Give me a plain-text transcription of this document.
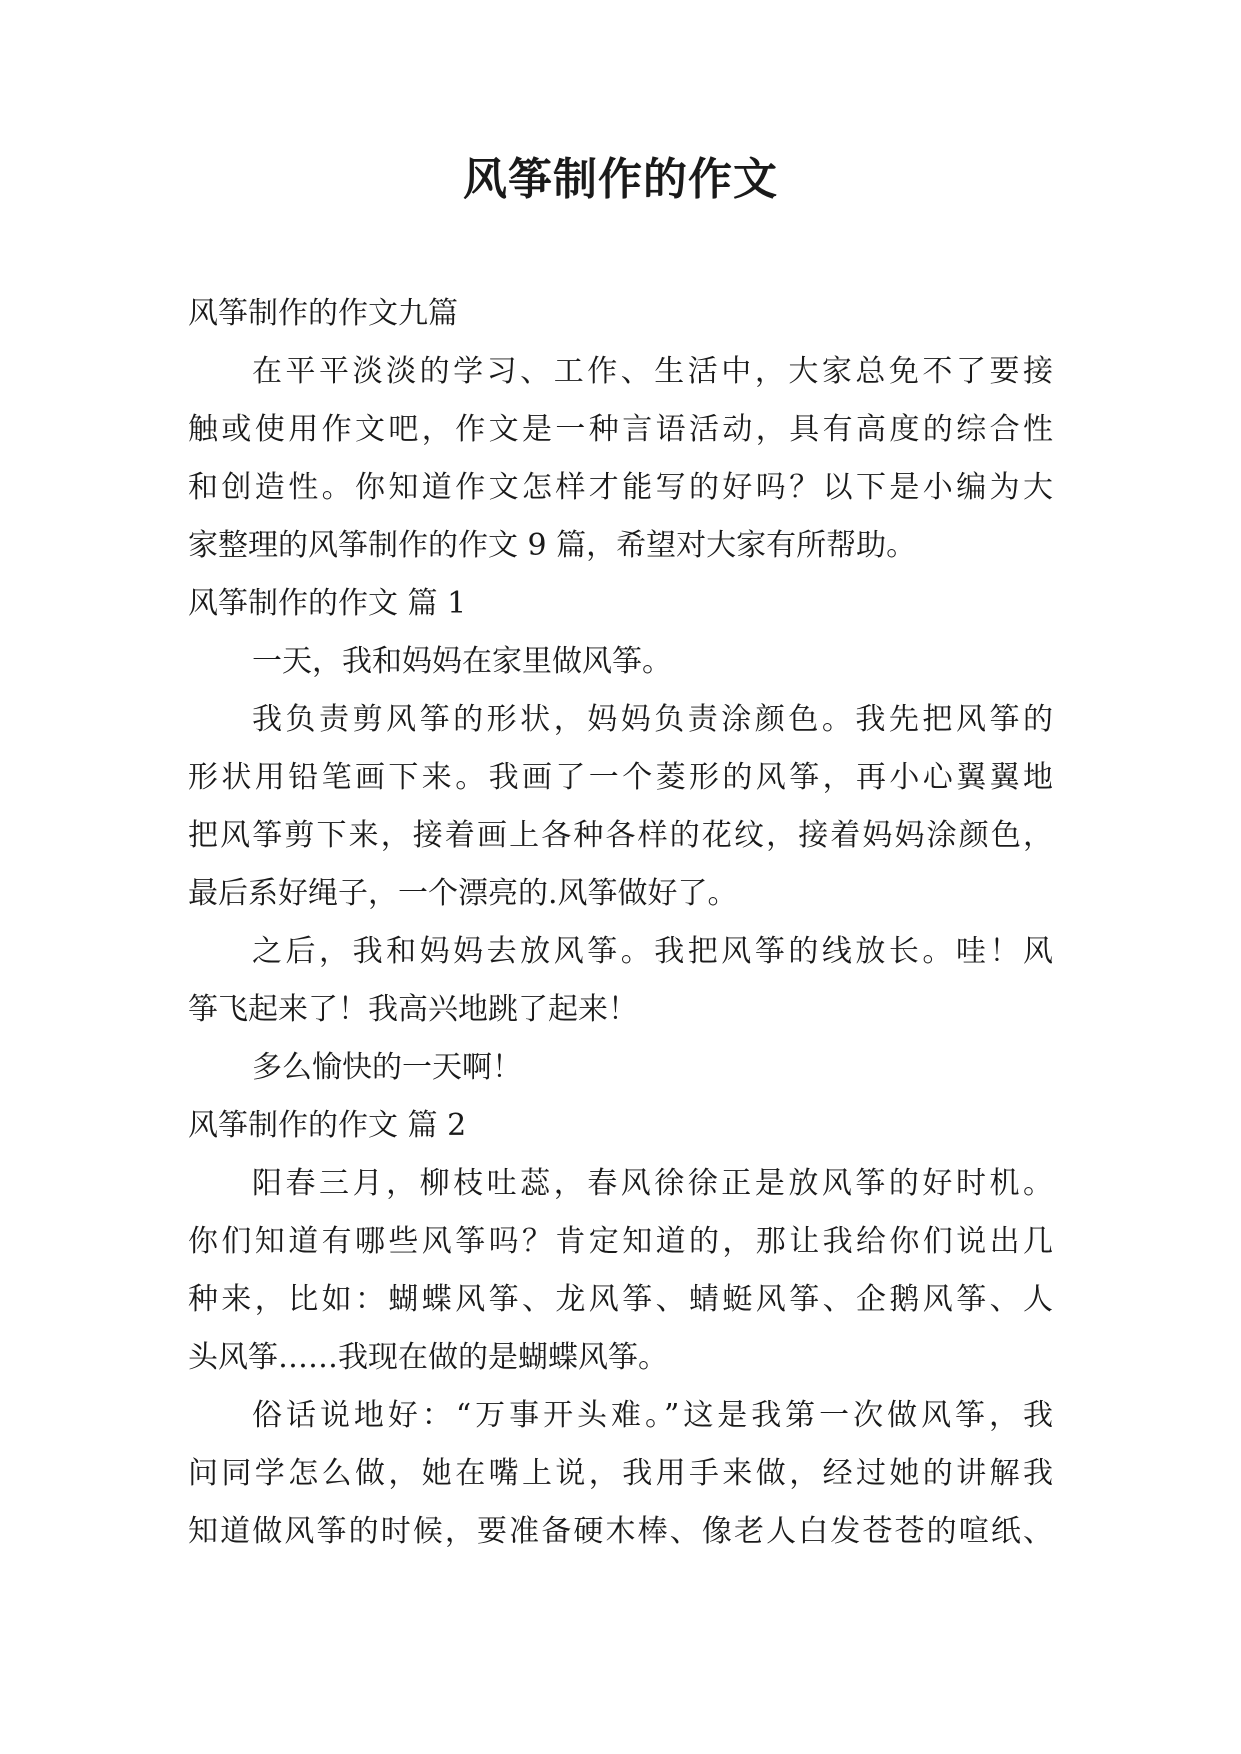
风筝制作的作文

风筝制作的作文九篇

在平平淡淡的学习、工作、生活中，大家总免不了要接

触或使用作文吧，作文是一种言语活动，具有高度的综合性

和创造性。你知道作文怎样才能写的好吗？以下是小编为大

家整理的风筝制作的作文 9 篇，希望对大家有所帮助。

风筝制作的作文 篇 1

一天，我和妈妈在家里做风筝。

我负责剪风筝的形状，妈妈负责涂颜色。我先把风筝的

形状用铅笔画下来。我画了一个菱形的风筝，再小心翼翼地

把风筝剪下来，接着画上各种各样的花纹，接着妈妈涂颜色，

最后系好绳子，一个漂亮的.风筝做好了。

之后，我和妈妈去放风筝。我把风筝的线放长。哇！风

筝飞起来了！我高兴地跳了起来！

多么愉快的一天啊！

风筝制作的作文 篇 2

阳春三月，柳枝吐蕊，春风徐徐正是放风筝的好时机。

你们知道有哪些风筝吗？肯定知道的，那让我给你们说出几

种来，比如：蝴蝶风筝、龙风筝、蜻蜓风筝、企鹅风筝、人

头风筝……我现在做的是蝴蝶风筝。

俗话说地好：“万事开头难。”这是我第一次做风筝，我

问同学怎么做，她在嘴上说，我用手来做，经过她的讲解我

知道做风筝的时候，要准备硬木棒、像老人白发苍苍的喧纸、
